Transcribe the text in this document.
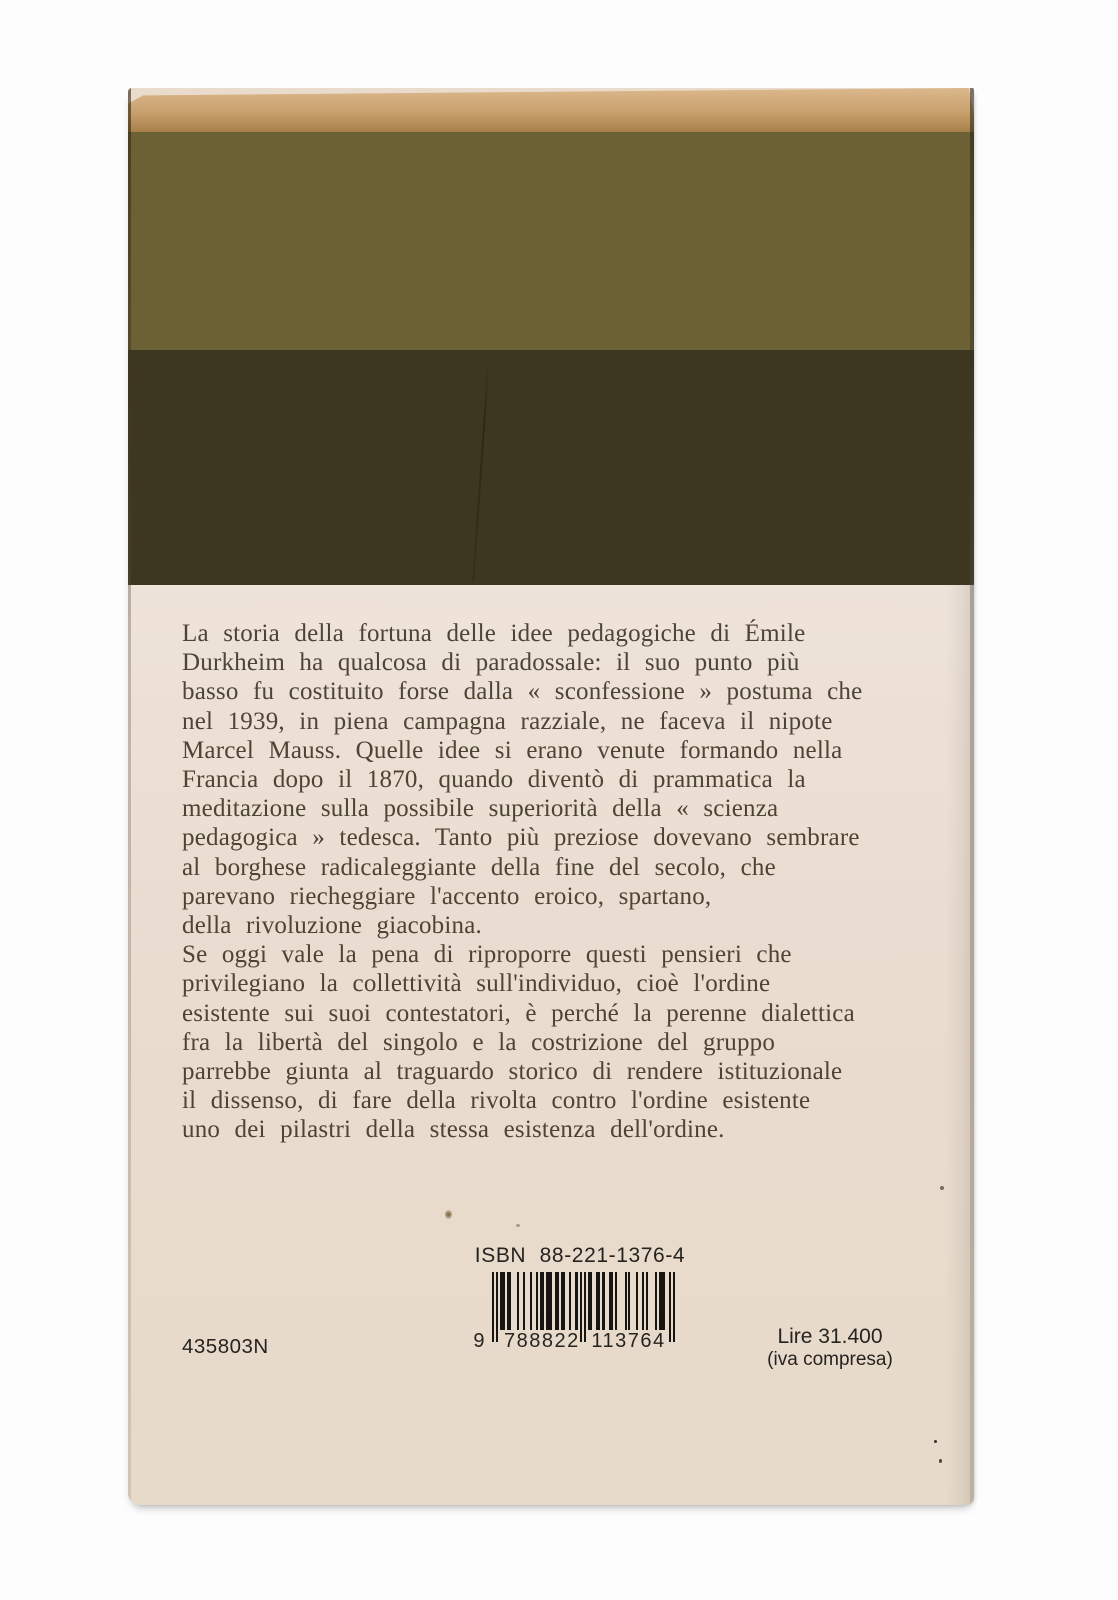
La storia della fortuna delle idee pedagogiche di Émile
Durkheim ha qualcosa di paradossale: il suo punto più
basso fu costituito forse dalla « sconfessione » postuma che
nel 1939, in piena campagna razziale, ne faceva il nipote
Marcel Mauss. Quelle idee si erano venute formando nella
Francia dopo il 1870, quando diventò di prammatica la
meditazione sulla possibile superiorità della « scienza
pedagogica » tedesca. Tanto più preziose dovevano sembrare
al borghese radicaleggiante della fine del secolo, che
parevano riecheggiare l'accento eroico, spartano,
della rivoluzione giacobina.
Se oggi vale la pena di riproporre questi pensieri che
privilegiano la collettività sull'individuo, cioè l'ordine
esistente sui suoi contestatori, è perché la perenne dialettica
fra la libertà del singolo e la costrizione del gruppo
parrebbe giunta al traguardo storico di rendere istituzionale
il dissenso, di fare della rivolta contro l'ordine esistente
uno dei pilastri della stessa esistenza dell'ordine.
ISBN 88-221-1376-4
9 788822 113764
435803N	Lire 31.400
(iva compresa)
